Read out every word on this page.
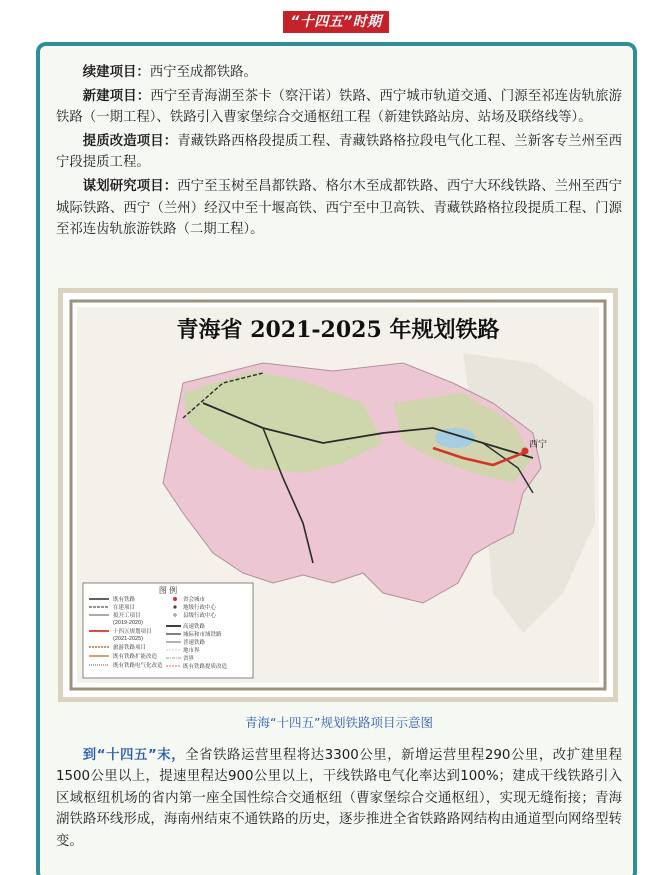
“十四五”时期

续建项目：西宁至成都铁路。

新建项目：西宁至青海湖至茶卡（察汗诺）铁路、西宁城市轨道交通、门源至祁连齿轨旅游铁路（一期工程）、铁路引入曹家堡综合交通枢纽工程（新建铁路站房、站场及联络线等）。

提质改造项目：青藏铁路西格段提质工程、青藏铁路格拉段电气化工程、兰新客专兰州至西宁段提质工程。

谋划研究项目：西宁至玉树至昌都铁路、格尔木至成都铁路、西宁大环线铁路、兰州至西宁城际铁路、西宁（兰州）经汉中至十堰高铁、西宁至中卫高铁、青藏铁路格拉段提质工程、门源至祁连齿轨旅游铁路（二期工程）。

西宁
青海省 2021-2025 年规划铁路
图 例
既有铁路
在建项目
拟开工项目
(2019-2020)
十四五规划项目
(2021-2025)
旅游铁路项目
既有铁路扩能改造
既有铁路电气化改造
省会城市
地级行政中心
县级行政中心
高速铁路
城际和市域铁路
普速铁路
地市界
省界
既有铁路提质改造
青海“十四五”规划铁路项目示意图
到“十四五”末，全省铁路运营里程将达3300公里，新增运营里程290公里，改扩建里程1500公里以上，提速里程达900公里以上，干线铁路电气化率达到100%；建成干线铁路引入区域枢纽机场的省内第一座全国性综合交通枢纽（曹家堡综合交通枢纽），实现无缝衔接；青海湖铁路环线形成，海南州结束不通铁路的历史，逐步推进全省铁路路网结构由通道型向网络型转变。
